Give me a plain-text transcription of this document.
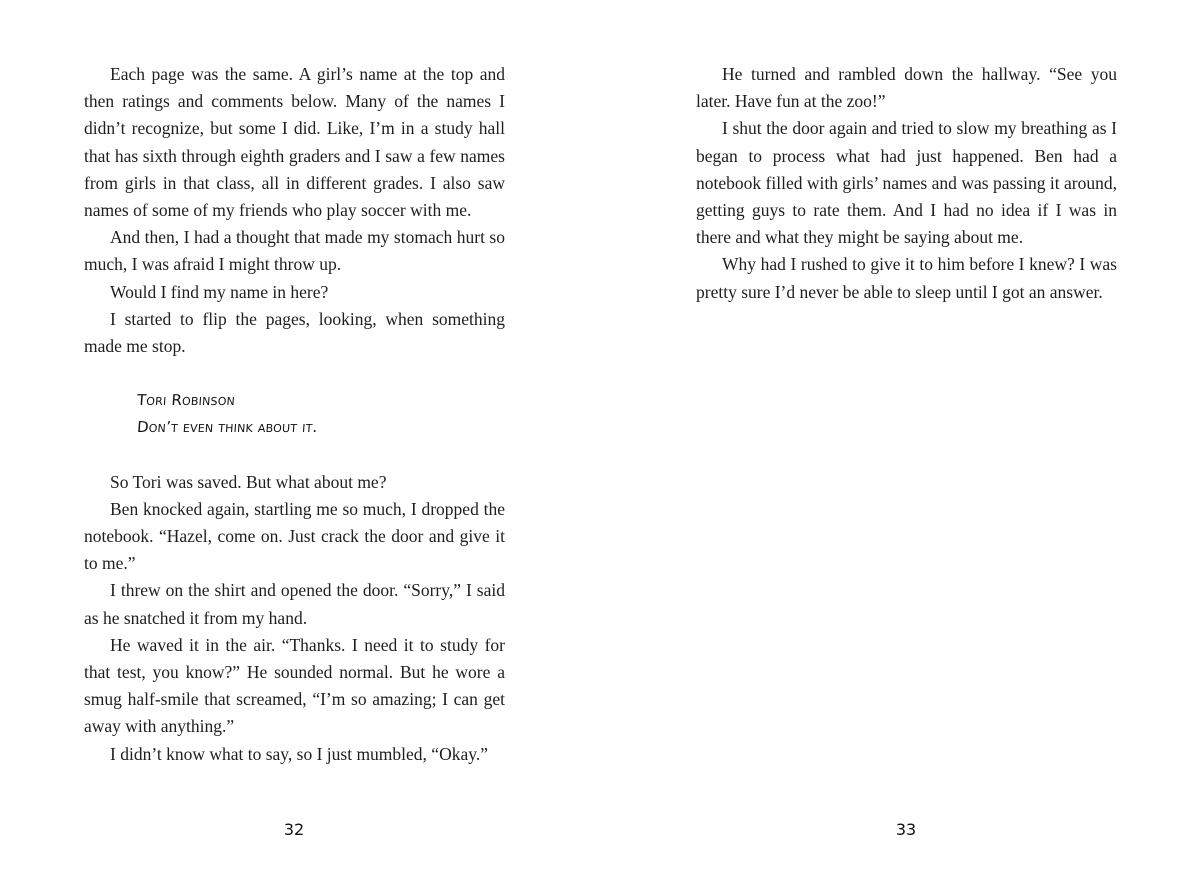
Each page was the same. A girl’s name at the top and then ratings and comments below. Many of the names I didn’t recognize, but some I did. Like, I’m in a study hall that has sixth through eighth graders and I saw a few names from girls in that class, all in different grades. I also saw names of some of my friends who play soccer with me.

And then, I had a thought that made my stomach hurt so much, I was afraid I might throw up.

Would I find my name in here?

I started to flip the pages, looking, when something made me stop.

Tori Robinson
Don’t even think about it.

So Tori was saved. But what about me?

Ben knocked again, startling me so much, I dropped the notebook. “Hazel, come on. Just crack the door and give it to me.”

I threw on the shirt and opened the door. “Sorry,” I said as he snatched it from my hand.

He waved it in the air. “Thanks. I need it to study for that test, you know?” He sounded normal. But he wore a smug half-smile that screamed, “I’m so amazing; I can get away with anything.”

I didn’t know what to say, so I just mumbled, “Okay.”

32

He turned and rambled down the hallway. “See you later. Have fun at the zoo!”

I shut the door again and tried to slow my breathing as I began to process what had just happened. Ben had a notebook filled with girls’ names and was passing it around, getting guys to rate them. And I had no idea if I was in there and what they might be saying about me.

Why had I rushed to give it to him before I knew? I was pretty sure I’d never be able to sleep until I got an answer.

33
